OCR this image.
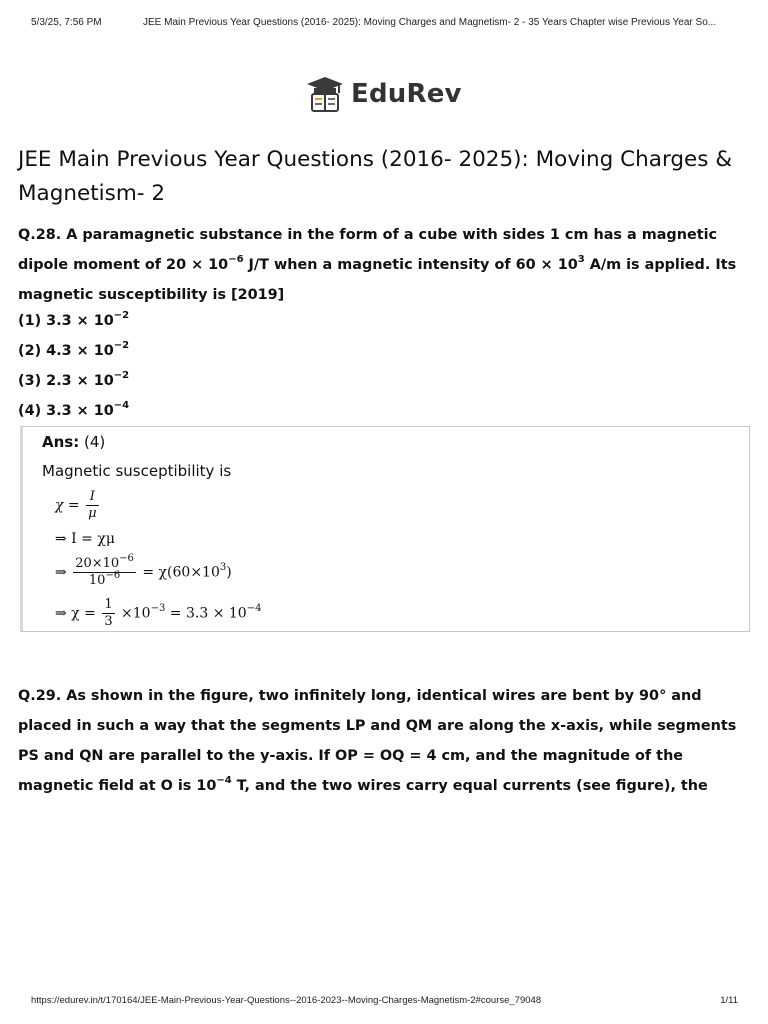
5/3/25, 7:56 PM	JEE Main Previous Year Questions (2016- 2025): Moving Charges and Magnetism- 2 - 35 Years Chapter wise Previous Year So...
EduRev
JEE Main Previous Year Questions (2016- 2025): Moving Charges & Magnetism- 2

Q.28. A paramagnetic substance in the form of a cube with sides 1 cm has a magnetic dipole moment of $20 \times 10^{-6}$ J/T when a magnetic intensity of $60 \times 10^3$ A/m is applied. Its magnetic susceptibility is [2019]

(1) $3.3 \times 10^{-2}$
(2) $4.3 \times 10^{-2}$
(3) $2.3 \times 10^{-2}$
(4) $3.3 \times 10^{-4}$
Ans: (4)
Magnetic susceptibility is
$\chi = \frac{I}{\mu}$
⇒ I = χμ
⇒ $\frac{20\times 10^{-6}}{10^{-6}} = \chi(60\times 10^3)$
⇒ $\chi = \frac{1}{3} \times 10^{-3} = 3.3 \times 10^{-4}$

Q.29. As shown in the figure, two infinitely long, identical wires are bent by 90° and placed in such a way that the segments LP and QM are along the x-axis, while segments PS and QN are parallel to the y-axis. If OP = OQ = 4 cm, and the magnitude of the magnetic field at O is $10^{-4}$ T, and the two wires carry equal currents (see figure), the

https://edurev.in/t/170164/JEE-Main-Previous-Year-Questions--2016-2023--Moving-Charges-Magnetism-2#course_79048	1/11
